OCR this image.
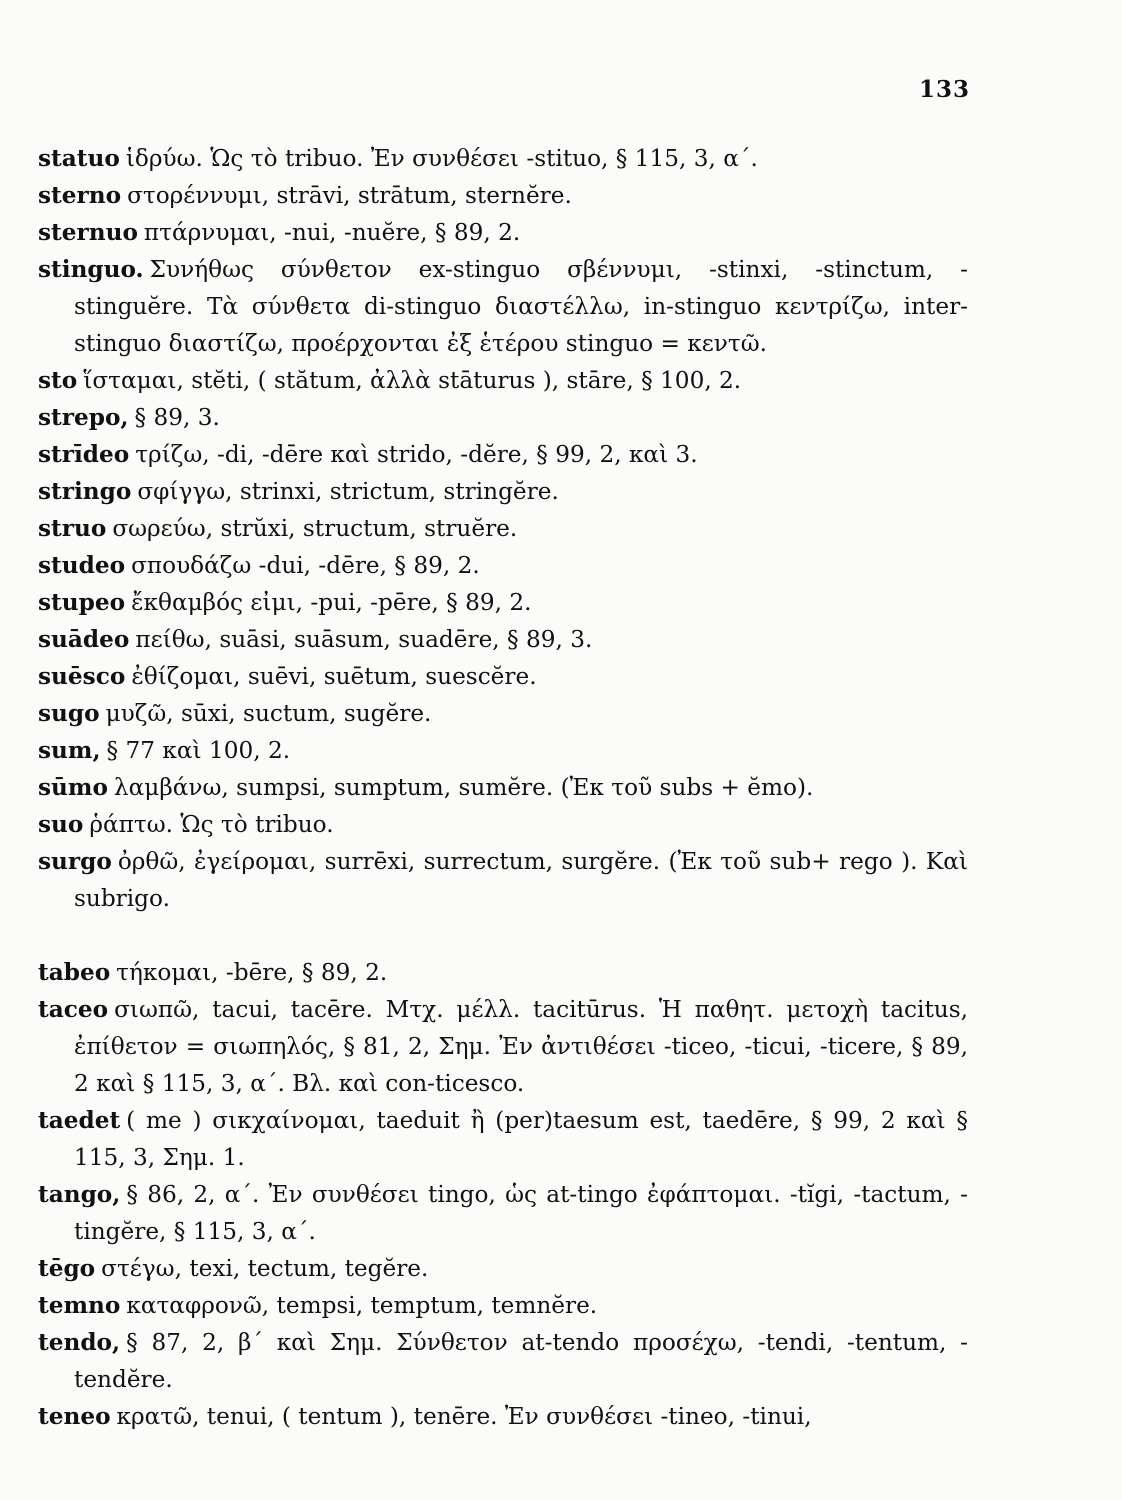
133

statuo ἱδρύω. Ὡς τὸ tribuo. Ἐν συνθέσει -stituo, § 115, 3, α΄.

sterno στορέννυμι, strāvi, strātum, sternĕre.

sternuo πτάρνυμαι, -nui, -nuĕre, § 89, 2.

stinguo. Συνήθως σύνθετον ex-stinguo σβέννυμι, -stinxi, -stinctum, -stinguĕre. Τὰ σύνθετα di-stinguo διαστέλλω, in-stinguo κεντρίζω, inter-stinguo διαστίζω, προέρχονται ἐξ ἑτέρου stinguo = κεντῶ.

sto ἵσταμαι, stĕti, ( stătum, ἀλλὰ stāturus ), stāre, § 100, 2.

strepo, § 89, 3.

strīdeo τρίζω, -di, -dēre καὶ strido, -dĕre, § 99, 2, καὶ 3.

stringo σφίγγω, strinxi, strictum, stringĕre.

struo σωρεύω, strŭxi, structum, struĕre.

studeo σπουδάζω -dui, -dēre, § 89, 2.

stupeo ἔκθαμβός εἰμι, -pui, -pēre, § 89, 2.

suādeo πείθω, suāsi, suāsum, suadēre, § 89, 3.

suēsco ἐθίζομαι, suēvi, suētum, suescĕre.

sugo μυζῶ, sūxi, suctum, sugĕre.

sum, § 77 καὶ 100, 2.

sūmo λαμβάνω, sumpsi, sumptum, sumĕre. (Ἐκ τοῦ subs + ĕmo).

suo ῥάπτω. Ὡς τὸ tribuo.

surgo ὀρθῶ, ἐγείρομαι, surrēxi, surrectum, surgĕre. (Ἐκ τοῦ sub+ rego ). Καὶ subrigo.

tabeo τήκομαι, -bēre, § 89, 2.

taceo σιωπῶ, tacui, tacēre. Μτχ. μέλλ. tacitūrus. Ἡ παθητ. μετοχὴ tacitus, ἐπίθετον = σιωπηλός, § 81, 2, Σημ. Ἐν ἀντιθέσει -ticeo, -ticui, -ticere, § 89, 2 καὶ § 115, 3, α΄. Βλ. καὶ con-ticesco.

taedet ( me ) σικχαίνομαι, taeduit ἢ (per)taesum est, taedēre, § 99, 2 καὶ § 115, 3, Σημ. 1.

tango, § 86, 2, α΄. Ἐν συνθέσει tingo, ὡς at-tingo ἐφάπτομαι. -tĭgi, -tactum, -tingĕre, § 115, 3, α΄.

tēgo στέγω, texi, tectum, tegĕre.

temno καταφρονῶ, tempsi, temptum, temnĕre.

tendo, § 87, 2, β΄ καὶ Σημ. Σύνθετον at-tendo προσέχω, -tendi, -tentum, - tendĕre.

teneo κρατῶ, tenui, ( tentum ), tenēre. Ἐν συνθέσει -tineo, -tinui,
